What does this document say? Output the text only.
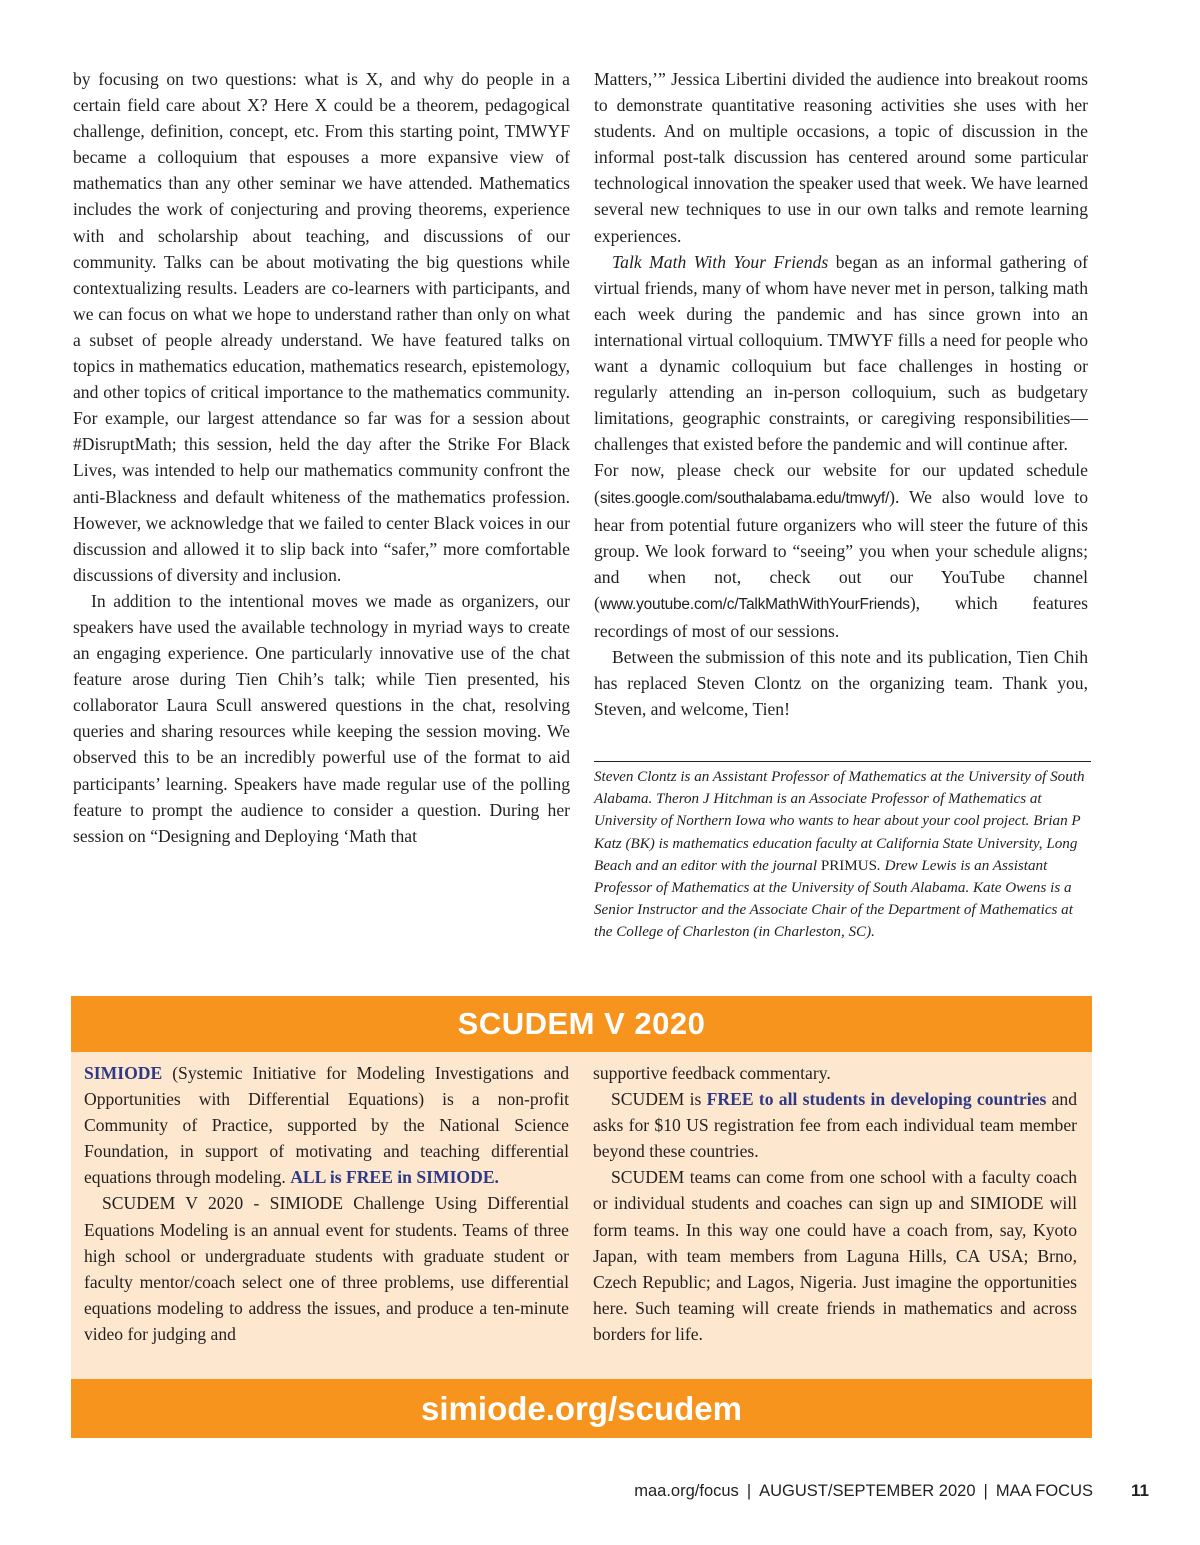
by focusing on two questions: what is X, and why do people in a certain field care about X? Here X could be a theorem, pedagogical challenge, definition, concept, etc. From this starting point, TMWYF became a colloquium that espouses a more expansive view of mathematics than any other seminar we have attended. Mathematics includes the work of conjecturing and proving theorems, experience with and scholarship about teaching, and discussions of our community. Talks can be about motivating the big questions while contextualizing results. Leaders are co-learners with participants, and we can focus on what we hope to understand rather than only on what a subset of people already understand. We have featured talks on topics in mathematics education, mathematics research, epistemology, and other topics of critical importance to the mathematics community. For example, our largest attendance so far was for a session about #DisruptMath; this session, held the day after the Strike For Black Lives, was intended to help our mathematics community confront the anti-Blackness and default whiteness of the mathematics profession. However, we acknowledge that we failed to center Black voices in our discussion and allowed it to slip back into “safer,” more comfortable discussions of diversity and inclusion.

In addition to the intentional moves we made as organizers, our speakers have used the available technology in myriad ways to create an engaging experience. One particularly innovative use of the chat feature arose during Tien Chih’s talk; while Tien presented, his collaborator Laura Scull answered questions in the chat, resolving queries and sharing resources while keeping the session moving. We observed this to be an incredibly powerful use of the format to aid participants’ learning. Speakers have made regular use of the polling feature to prompt the audience to consider a question. During her session on “Designing and Deploying ‘Math that

Matters,’” Jessica Libertini divided the audience into breakout rooms to demonstrate quantitative reasoning activities she uses with her students. And on multiple occasions, a topic of discussion in the informal post-talk discussion has centered around some particular technological innovation the speaker used that week. We have learned several new techniques to use in our own talks and remote learning experiences.

Talk Math With Your Friends began as an informal gathering of virtual friends, many of whom have never met in person, talking math each week during the pandemic and has since grown into an international virtual colloquium. TMWYF fills a need for people who want a dynamic colloquium but face challenges in hosting or regularly attending an in-person colloquium, such as budgetary limitations, geographic constraints, or caregiving responsibilities—challenges that existed before the pandemic and will continue after.

For now, please check our website for our updated schedule (sites.google.com/southalabama.edu/tmwyf/). We also would love to hear from potential future organizers who will steer the future of this group. We look forward to “seeing” you when your schedule aligns; and when not, check out our YouTube channel (www.youtube.com/c/TalkMathWithYourFriends), which features recordings of most of our sessions.

Between the submission of this note and its publication, Tien Chih has replaced Steven Clontz on the organizing team. Thank you, Steven, and welcome, Tien!

Steven Clontz is an Assistant Professor of Mathematics at the University of South Alabama. Theron J Hitchman is an Associate Professor of Mathematics at University of Northern Iowa who wants to hear about your cool project. Brian P Katz (BK) is mathematics education faculty at California State University, Long Beach and an editor with the journal PRIMUS. Drew Lewis is an Assistant Professor of Mathematics at the University of South Alabama. Kate Owens is a Senior Instructor and the Associate Chair of the Department of Mathematics at the College of Charleston (in Charleston, SC).

SCUDEM V 2020
simiode.org/scudem

SIMIODE (Systemic Initiative for Modeling Investigations and Opportunities with Differential Equations) is a non-profit Community of Practice, supported by the National Science Foundation, in support of motivating and teaching differential equations through modeling. ALL is FREE in SIMIODE.

SCUDEM V 2020 - SIMIODE Challenge Using Differential Equations Modeling is an annual event for students. Teams of three high school or undergraduate students with graduate student or faculty mentor/coach select one of three problems, use differential equations modeling to address the issues, and produce a ten-minute video for judging and

supportive feedback commentary.

SCUDEM is FREE to all students in developing countries and asks for $10 US registration fee from each individual team member beyond these countries.

SCUDEM teams can come from one school with a faculty coach or individual students and coaches can sign up and SIMIODE will form teams. In this way one could have a coach from, say, Kyoto Japan, with team members from Laguna Hills, CA USA; Brno, Czech Republic; and Lagos, Nigeria. Just imagine the opportunities here. Such teaming will create friends in mathematics and across borders for life.

maa.org/focus | AUGUST/SEPTEMBER 2020 | MAA FOCUS 11
